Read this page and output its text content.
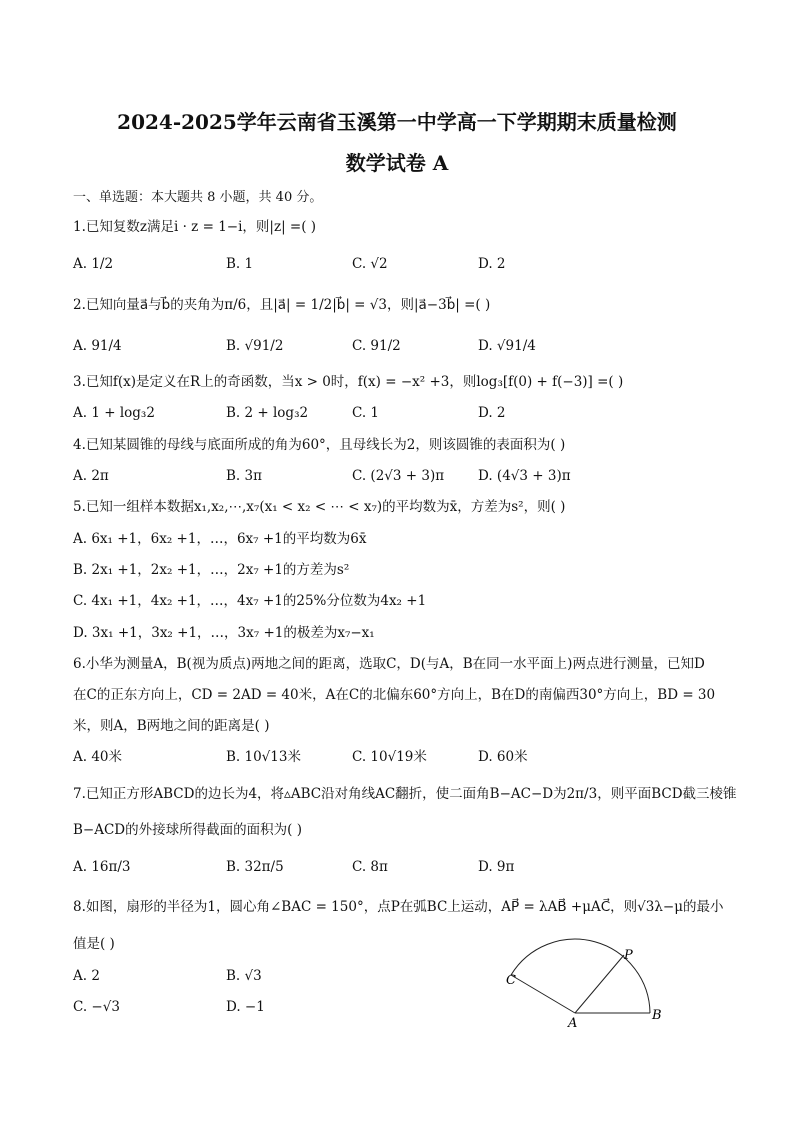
2024-2025学年云南省玉溪第一中学高一下学期期末质量检测
数学试卷 A
一、单选题：本大题共 8 小题，共 40 分。
1.已知复数z满足i · z = 1−i，则|z| =( )
A. 1/2	B. 1	C. √2	D. 2
2.已知向量a⃗与b⃗的夹角为π/6，且|a⃗| = 1/2|b⃗| = √3，则|a⃗−3b⃗| =( )
A. 91/4	B. √91/2	C. 91/2	D. √91/4
3.已知f(x)是定义在R上的奇函数，当x > 0时，f(x) = −x² +3，则log₃[f(0) + f(−3)] =( )
A. 1 + log₃2	B. 2 + log₃2	C. 1	D. 2
4.已知某圆锥的母线与底面所成的角为60°，且母线长为2，则该圆锥的表面积为( )
A. 2π	B. 3π	C. (2√3 + 3)π	D. (4√3 + 3)π
5.已知一组样本数据x₁,x₂,⋯,x₇(x₁ < x₂ < ⋯ < x₇)的平均数为x̄，方差为s²，则( )
A. 6x₁ +1，6x₂ +1，…，6x₇ +1的平均数为6x̄
B. 2x₁ +1，2x₂ +1，…，2x₇ +1的方差为s²
C. 4x₁ +1，4x₂ +1，…，4x₇ +1的25%分位数为4x₂ +1
D. 3x₁ +1，3x₂ +1，…，3x₇ +1的极差为x₇−x₁
6.小华为测量A，B(视为质点)两地之间的距离，选取C，D(与A，B在同一水平面上)两点进行测量，已知D
在C的正东方向上，CD = 2AD = 40米，A在C的北偏东60°方向上，B在D的南偏西30°方向上，BD = 30
米，则A，B两地之间的距离是( )
A. 40米	B. 10√13米	C. 10√19米	D. 60米
7.已知正方形ABCD的边长为4，将▵ABC沿对角线AC翻折，使二面角B−AC−D为2π/3，则平面BCD截三棱锥
B−ACD的外接球所得截面的面积为( )
A. 16π/3	B. 32π/5	C. 8π	D. 9π
8.如图，扇形的半径为1，圆心角∠BAC = 150°，点P在弧BC上运动，AP⃗ = λAB⃗ +μAC⃗，则√3λ−μ的最小
值是( )
A. 2	B. √3
C. −√3	D. −1
A
B
C
P
